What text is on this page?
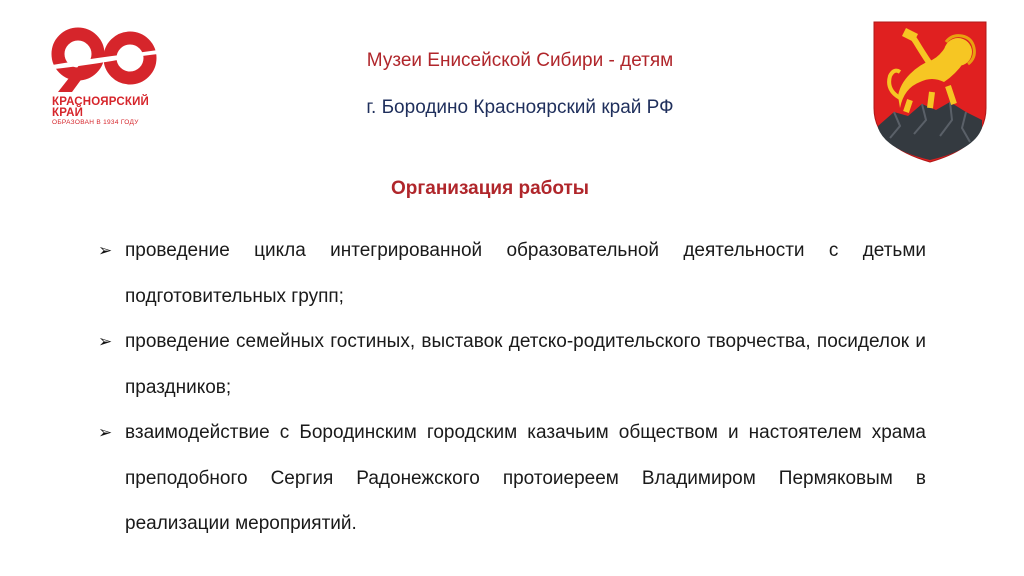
КРАСНОЯРСКИЙ
КРАЙ
ОБРАЗОВАН В 1934 ГОДУ
Музеи Енисейской Сибири - детям
г. Бородино Красноярский край РФ
Организация работы
➢ проведение цикла интегрированной образовательной деятельности с детьми подготовительных групп;
➢ проведение семейных гостиных, выставок детско-родительского творчества, посиделок и праздников;
➢ взаимодействие с Бородинским городским казачьим обществом и настоятелем храма преподобного Сергия Радонежского протоиереем Владимиром Пермяковым в реализации мероприятий.
